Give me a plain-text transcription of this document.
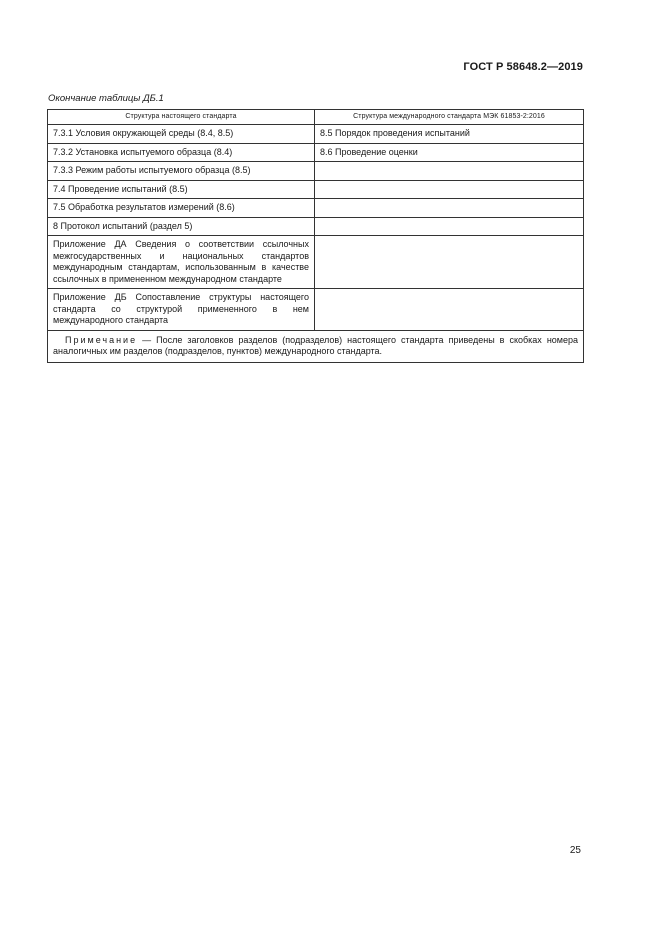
ГОСТ Р 58648.2—2019
Окончание таблицы ДБ.1
Структура настоящего стандарта	Структура международного стандарта МЭК 61853-2:2016
7.3.1 Условия окружающей среды (8.4, 8.5)	8.5 Порядок проведения испытаний
7.3.2 Установка испытуемого образца (8.4)	8.6 Проведение оценки
7.3.3 Режим работы испытуемого образца (8.5)	
7.4 Проведение испытаний (8.5)	
7.5 Обработка результатов измерений (8.6)	
8 Протокол испытаний (раздел 5)	
Приложение ДА Сведения о соответствии ссылочных межгосударственных и национальных стандартов международным стандартам, использованным в качестве ссылочных в примененном международном стандарте	
Приложение ДБ Сопоставление структуры настоящего стандарта со структурой примененного в нем международного стандарта	
Примечание — После заголовков разделов (подразделов) настоящего стандарта приведены в скобках номера аналогичных им разделов (подразделов, пунктов) международного стандарта.	
25
